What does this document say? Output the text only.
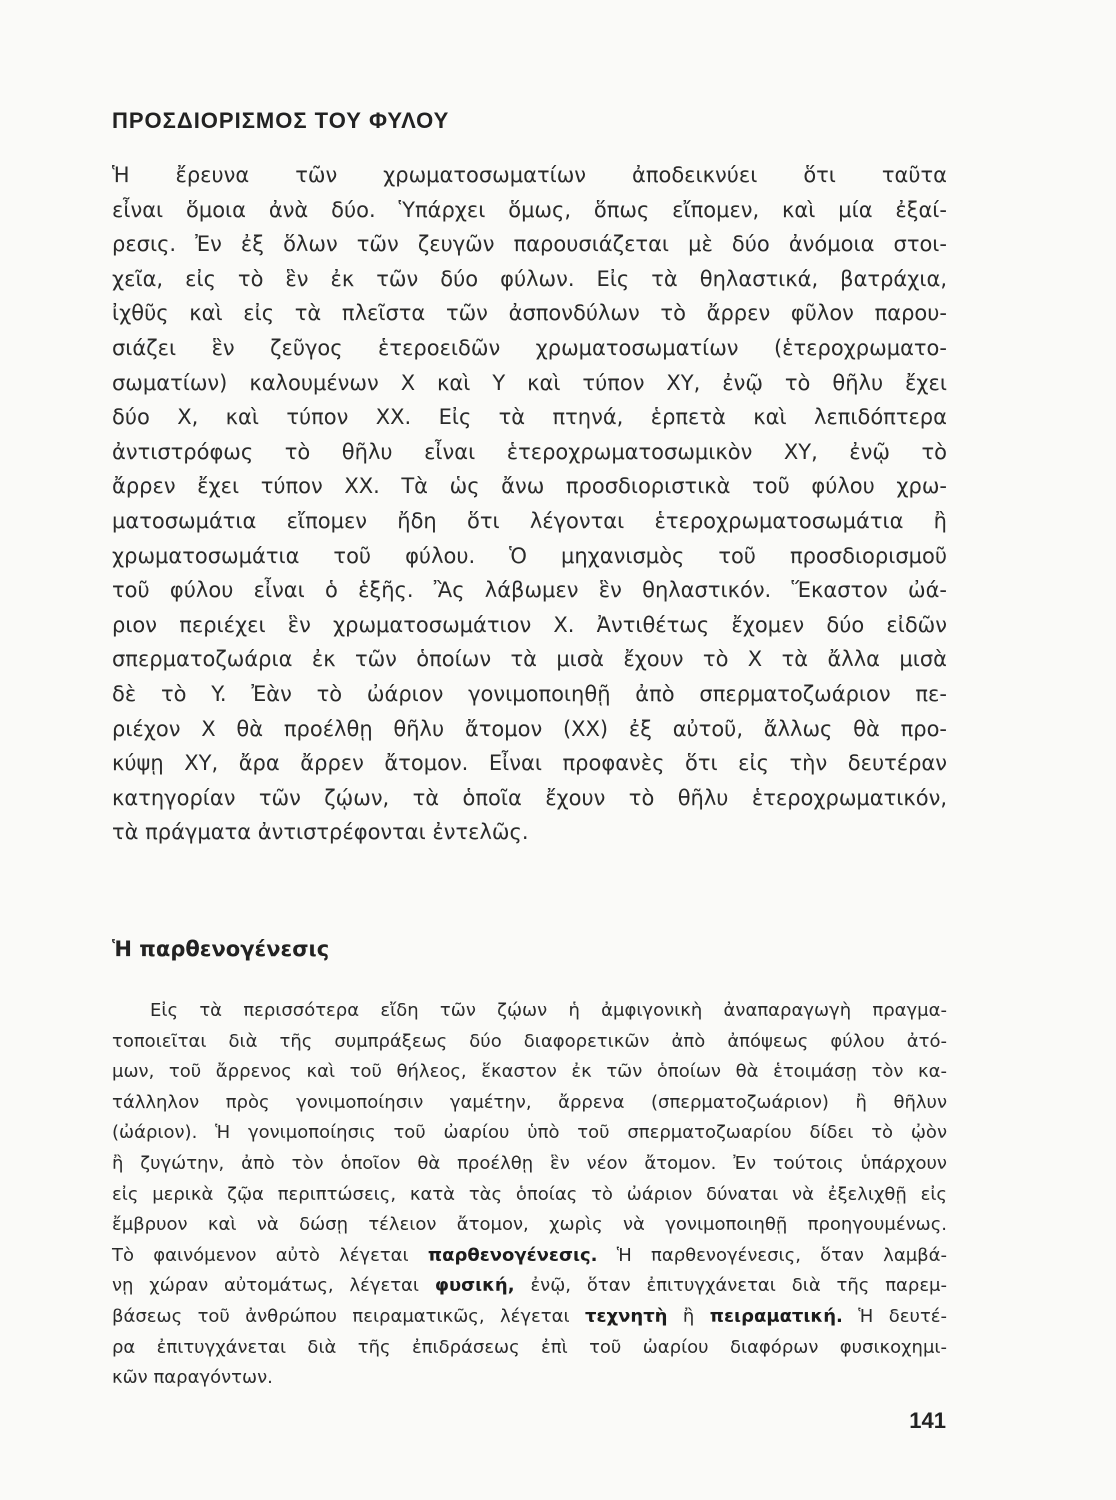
ΠΡΟΣΔΙΟΡΙΣΜΟΣ ΤΟΥ ΦΥΛΟΥ
Ἡ ἔρευνα τῶν χρωματοσωματίων ἀποδεικνύει ὅτι ταῦτα
εἶναι ὅμοια ἀνὰ δύο. Ὑπάρχει ὅμως, ὅπως εἴπομεν, καὶ μία ἐξαί-
ρεσις. Ἐν ἐξ ὅλων τῶν ζευγῶν παρουσιάζεται μὲ δύο ἀνόμοια στοι-
χεῖα, εἰς τὸ ἓν ἐκ τῶν δύο φύλων. Εἰς τὰ θηλαστικά, βατράχια,
ἰχθῦς καὶ εἰς τὰ πλεῖστα τῶν ἀσπονδύλων τὸ ἄρρεν φῦλον παρου-
σιάζει ἓν ζεῦγος ἑτεροειδῶν χρωματοσωματίων (ἑτεροχρωματο-
σωματίων) καλουμένων X καὶ Y καὶ τύπον XY, ἐνῷ τὸ θῆλυ ἔχει
δύο X, καὶ τύπον XX. Εἰς τὰ πτηνά, ἑρπετὰ καὶ λεπιδόπτερα
ἀντιστρόφως τὸ θῆλυ εἶναι ἑτεροχρωματοσωμικὸν XY, ἐνῷ τὸ
ἄρρεν ἔχει τύπον XX. Τὰ ὡς ἄνω προσδιοριστικὰ τοῦ φύλου χρω-
ματοσωμάτια εἴπομεν ἤδη ὅτι λέγονται ἑτεροχρωματοσωμάτια ἢ
χρωματοσωμάτια τοῦ φύλου. Ὁ μηχανισμὸς τοῦ προσδιορισμοῦ
τοῦ φύλου εἶναι ὁ ἑξῆς. Ἂς λάβωμεν ἓν θηλαστικόν. Ἕκαστον ὠά-
ριον περιέχει ἓν χρωματοσωμάτιον X. Ἀντιθέτως ἔχομεν δύο εἰδῶν
σπερματοζωάρια ἐκ τῶν ὁποίων τὰ μισὰ ἔχουν τὸ X τὰ ἄλλα μισὰ
δὲ τὸ Y. Ἐὰν τὸ ὠάριον γονιμοποιηθῇ ἀπὸ σπερματοζωάριον πε-
ριέχον X θὰ προέλθῃ θῆλυ ἄτομον (XX) ἐξ αὐτοῦ, ἄλλως θὰ προ-
κύψῃ XY, ἄρα ἄρρεν ἄτομον. Εἶναι προφανὲς ὅτι εἰς τὴν δευτέραν
κατηγορίαν τῶν ζῴων, τὰ ὁποῖα ἔχουν τὸ θῆλυ ἑτεροχρωματικόν,
τὰ πράγματα ἀντιστρέφονται ἐντελῶς.
Ἡ παρθενογένεσις
Εἰς τὰ περισσότερα εἴδη τῶν ζῴων ἡ ἀμφιγονικὴ ἀναπαραγωγὴ πραγμα-
τοποιεῖται διὰ τῆς συμπράξεως δύο διαφορετικῶν ἀπὸ ἀπόψεως φύλου ἀτό-
μων, τοῦ ἄρρενος καὶ τοῦ θήλεος, ἕκαστον ἐκ τῶν ὁποίων θὰ ἑτοιμάσῃ τὸν κα-
τάλληλον πρὸς γονιμοποίησιν γαμέτην, ἄρρενα (σπερματοζωάριον) ἢ θῆλυν
(ὠάριον). Ἡ γονιμοποίησις τοῦ ὠαρίου ὑπὸ τοῦ σπερματοζωαρίου δίδει τὸ ᾠὸν
ἢ ζυγώτην, ἀπὸ τὸν ὁποῖον θὰ προέλθῃ ἓν νέον ἄτομον. Ἐν τούτοις ὑπάρχουν
εἰς μερικὰ ζῷα περιπτώσεις, κατὰ τὰς ὁποίας τὸ ὠάριον δύναται νὰ ἐξελιχθῇ εἰς
ἔμβρυον καὶ νὰ δώσῃ τέλειον ἄτομον, χωρὶς νὰ γονιμοποιηθῇ προηγουμένως.
Τὸ φαινόμενον αὐτὸ λέγεται παρθενογένεσις. Ἡ παρθενογένεσις, ὅταν λαμβά-
νῃ χώραν αὐτομάτως, λέγεται φυσική, ἐνῷ, ὅταν ἐπιτυγχάνεται διὰ τῆς παρεμ-
βάσεως τοῦ ἀνθρώπου πειραματικῶς, λέγεται τεχνητὴ ἢ πειραματική. Ἡ δευτέ-
ρα ἐπιτυγχάνεται διὰ τῆς ἐπιδράσεως ἐπὶ τοῦ ὠαρίου διαφόρων φυσικοχημι-
κῶν παραγόντων.
141
